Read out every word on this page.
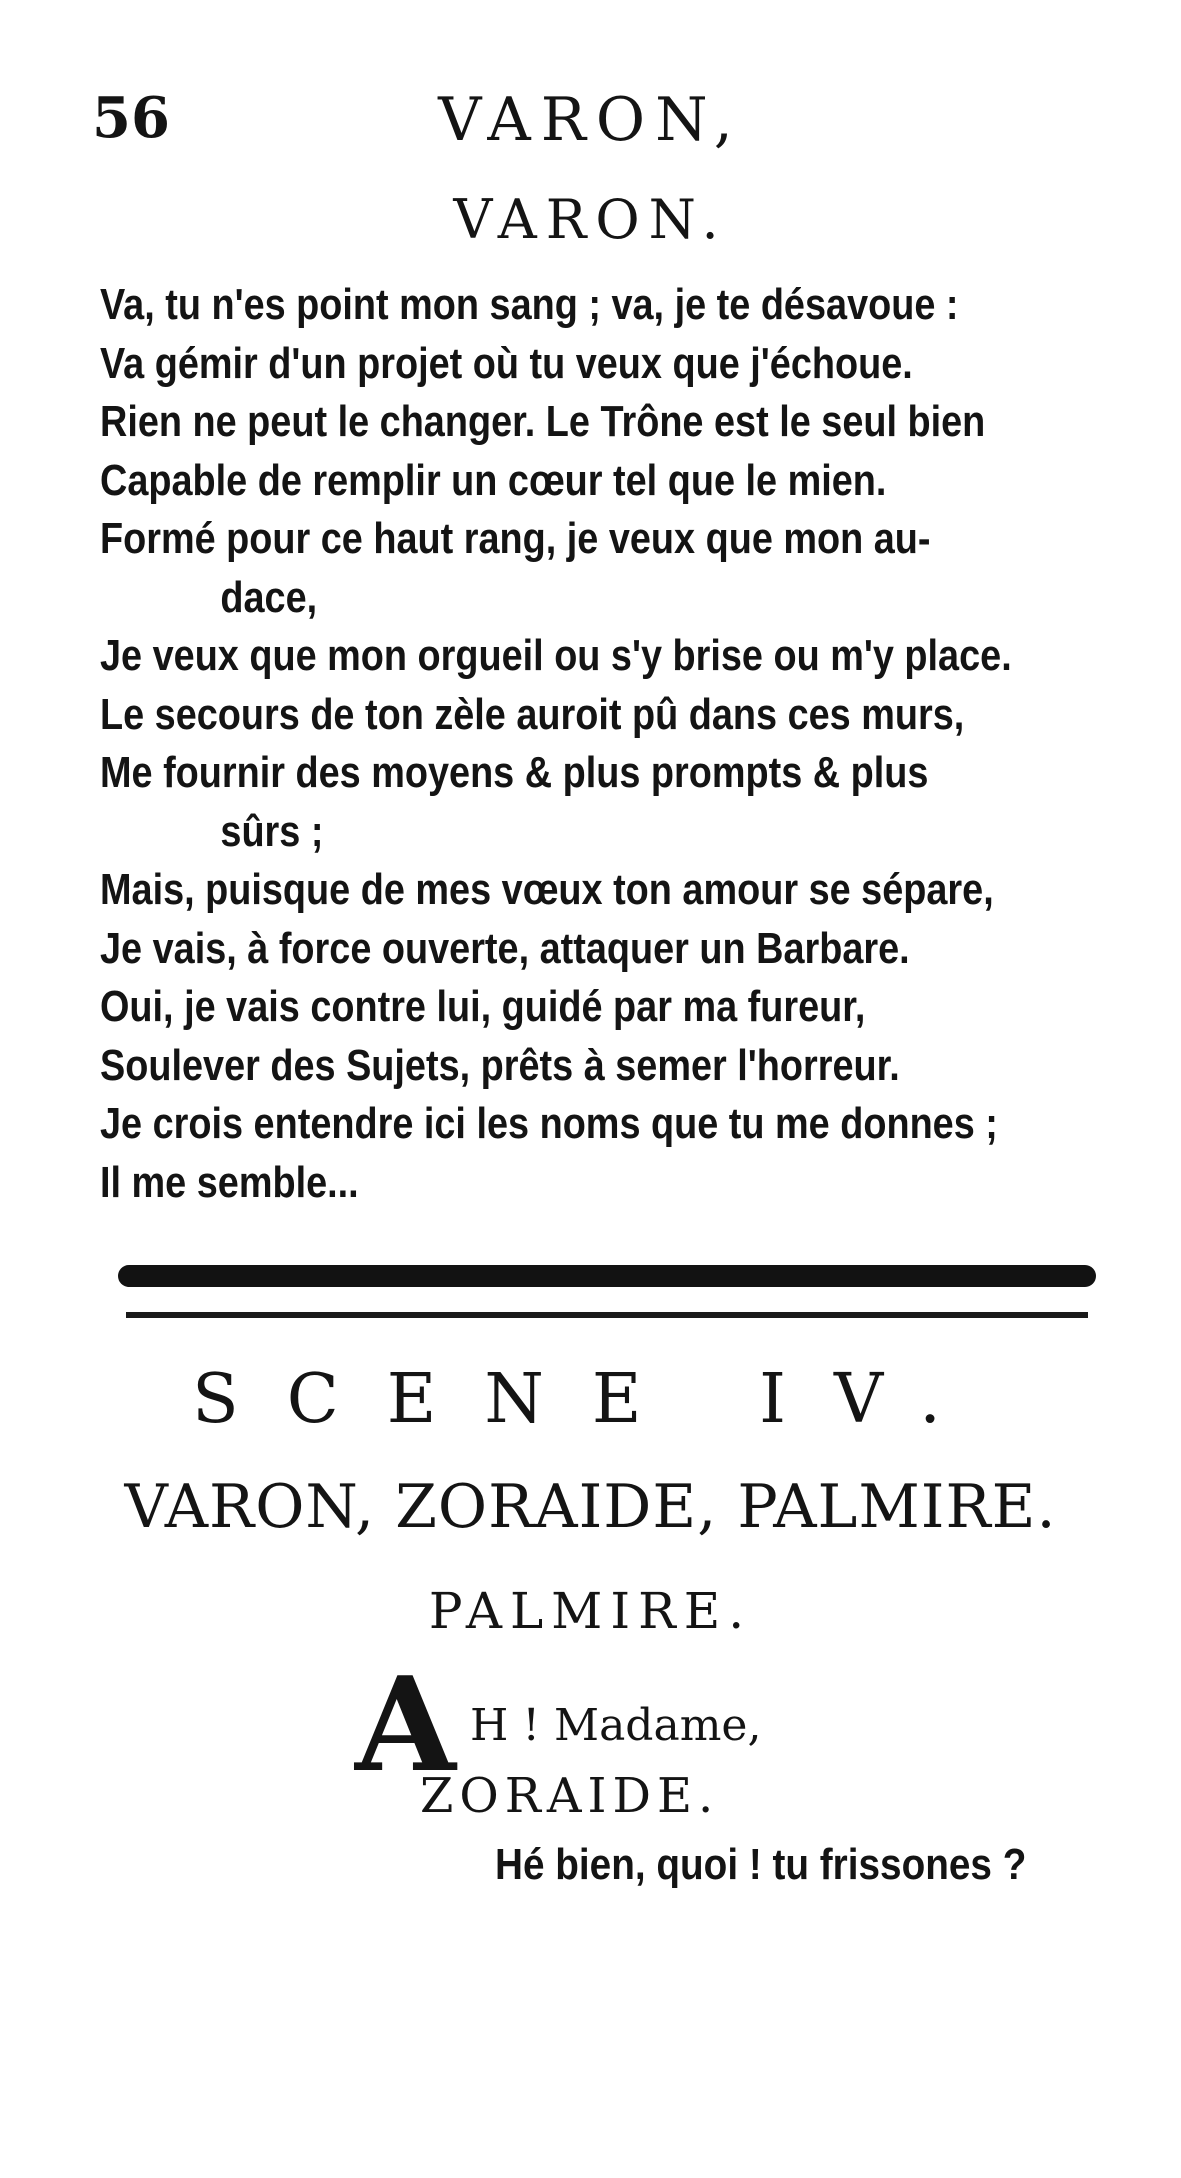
56	VARON,
VARON.
Va, tu n'es point mon sang ; va, je te désavoue :
Va gémir d'un projet où tu veux que j'échoue.
Rien ne peut le changer. Le Trône est le seul bien
Capable de remplir un cœur tel que le mien.
Formé pour ce haut rang, je veux que mon au-
dace,
Je veux que mon orgueil ou s'y brise ou m'y place.
Le secours de ton zèle auroit pû dans ces murs,
Me fournir des moyens & plus prompts & plus
sûrs ;
Mais, puisque de mes vœux ton amour se sépare,
Je vais, à force ouverte, attaquer un Barbare.
Oui, je vais contre lui, guidé par ma fureur,
Soulever des Sujets, prêts à semer l'horreur.
Je crois entendre ici les noms que tu me donnes ;
Il me semble...
SCENE IV.
VARON, ZORAIDE, PALMIRE.
PALMIRE.
A H ! Madame,
ZORAIDE.
Hé bien, quoi ! tu frissones ?
